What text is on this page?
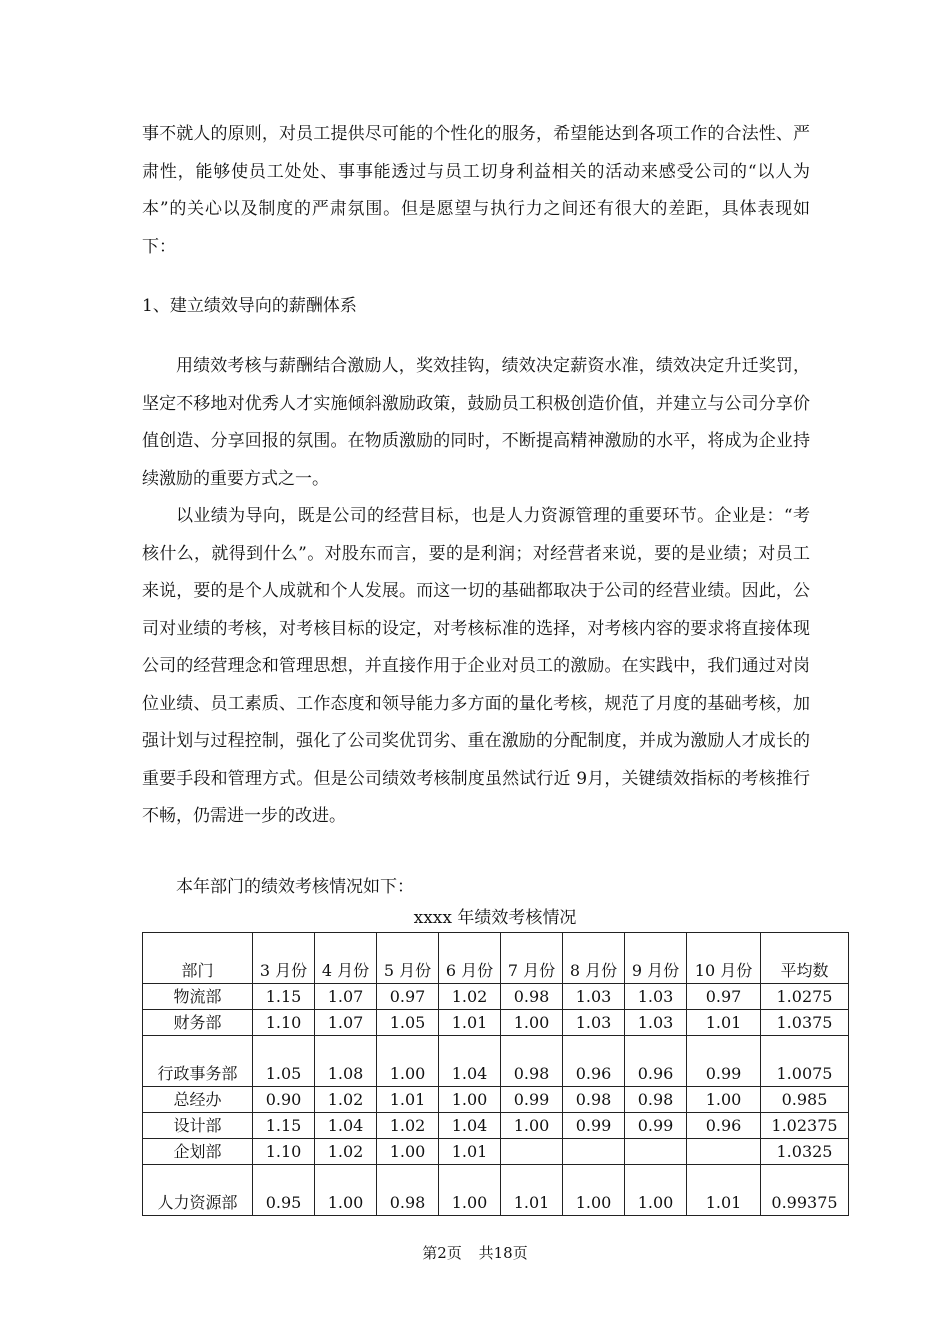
事不就人的原则，对员工提供尽可能的个性化的服务，希望能达到各项工作的合法性、严肃性，能够使员工处处、事事能透过与员工切身利益相关的活动来感受公司的“以人为本”的关心以及制度的严肃氛围。但是愿望与执行力之间还有很大的差距，具体表现如下：

1、建立绩效导向的薪酬体系

用绩效考核与薪酬结合激励人，奖效挂钩，绩效决定薪资水准，绩效决定升迁奖罚，坚定不移地对优秀人才实施倾斜激励政策，鼓励员工积极创造价值，并建立与公司分享价值创造、分享回报的氛围。在物质激励的同时，不断提高精神激励的水平，将成为企业持续激励的重要方式之一。

以业绩为导向，既是公司的经营目标，也是人力资源管理的重要环节。企业是：“考核什么，就得到什么”。对股东而言，要的是利润；对经营者来说，要的是业绩；对员工来说，要的是个人成就和个人发展。而这一切的基础都取决于公司的经营业绩。因此，公司对业绩的考核，对考核目标的设定，对考核标准的选择，对考核内容的要求将直接体现公司的经营理念和管理思想，并直接作用于企业对员工的激励。在实践中，我们通过对岗位业绩、员工素质、工作态度和领导能力多方面的量化考核，规范了月度的基础考核，加强计划与过程控制，强化了公司奖优罚劣、重在激励的分配制度，并成为激励人才成长的重要手段和管理方式。但是公司绩效考核制度虽然试行近 9月，关键绩效指标的考核推行不畅，仍需进一步的改进。

本年部门的绩效考核情况如下：

xxxx 年绩效考核情况
部门	3 月份	4 月份	5 月份	6 月份	7 月份	8 月份	9 月份	10 月份	平均数
物流部	1.15	1.07	0.97	1.02	0.98	1.03	1.03	0.97	1.0275
财务部	1.10	1.07	1.05	1.01	1.00	1.03	1.03	1.01	1.0375
行政事务部	1.05	1.08	1.00	1.04	0.98	0.96	0.96	0.99	1.0075
总经办	0.90	1.02	1.01	1.00	0.99	0.98	0.98	1.00	0.985
设计部	1.15	1.04	1.02	1.04	1.00	0.99	0.99	0.96	1.02375
企划部	1.10	1.02	1.00	1.01					1.0325
人力资源部	0.95	1.00	0.98	1.00	1.01	1.00	1.00	1.01	0.99375
第2页 共18页
